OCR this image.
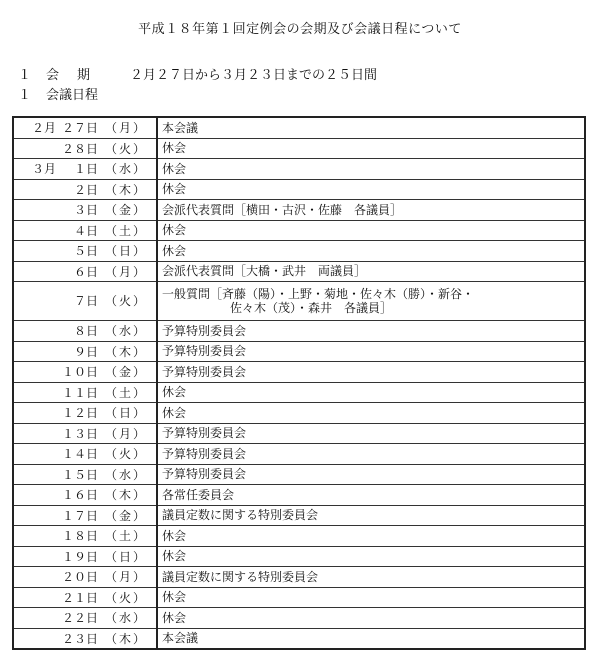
平成１８年第１回定例会の会期及び会議日程について
１ 会期 ２月２７日から３月２３日までの２５日間
１ 会議日程
２月 ２７日 （月）	本会議

２８日 （火）	休会

３月 １日 （水）	休会

２日 （木）	休会

３日 （金）	会派代表質問［横田・古沢・佐藤　各議員］

４日 （土）	休会

５日 （日）	休会

６日 （月）	会派代表質問［大橋・武井　両議員］

７日 （火）	一般質問［斉藤（陽）・上野・菊地・佐々木（勝）・新谷・
佐々木（茂）・森井　各議員］

８日 （水）	予算特別委員会

９日 （木）	予算特別委員会

１０日 （金）	予算特別委員会

１１日 （土）	休会

１２日 （日）	休会

１３日 （月）	予算特別委員会

１４日 （火）	予算特別委員会

１５日 （水）	予算特別委員会

１６日 （木）	各常任委員会

１７日 （金）	議員定数に関する特別委員会

１８日 （土）	休会

１９日 （日）	休会

２０日 （月）	議員定数に関する特別委員会

２１日 （火）	休会

２２日 （水）	休会

２３日 （木）	本会議
